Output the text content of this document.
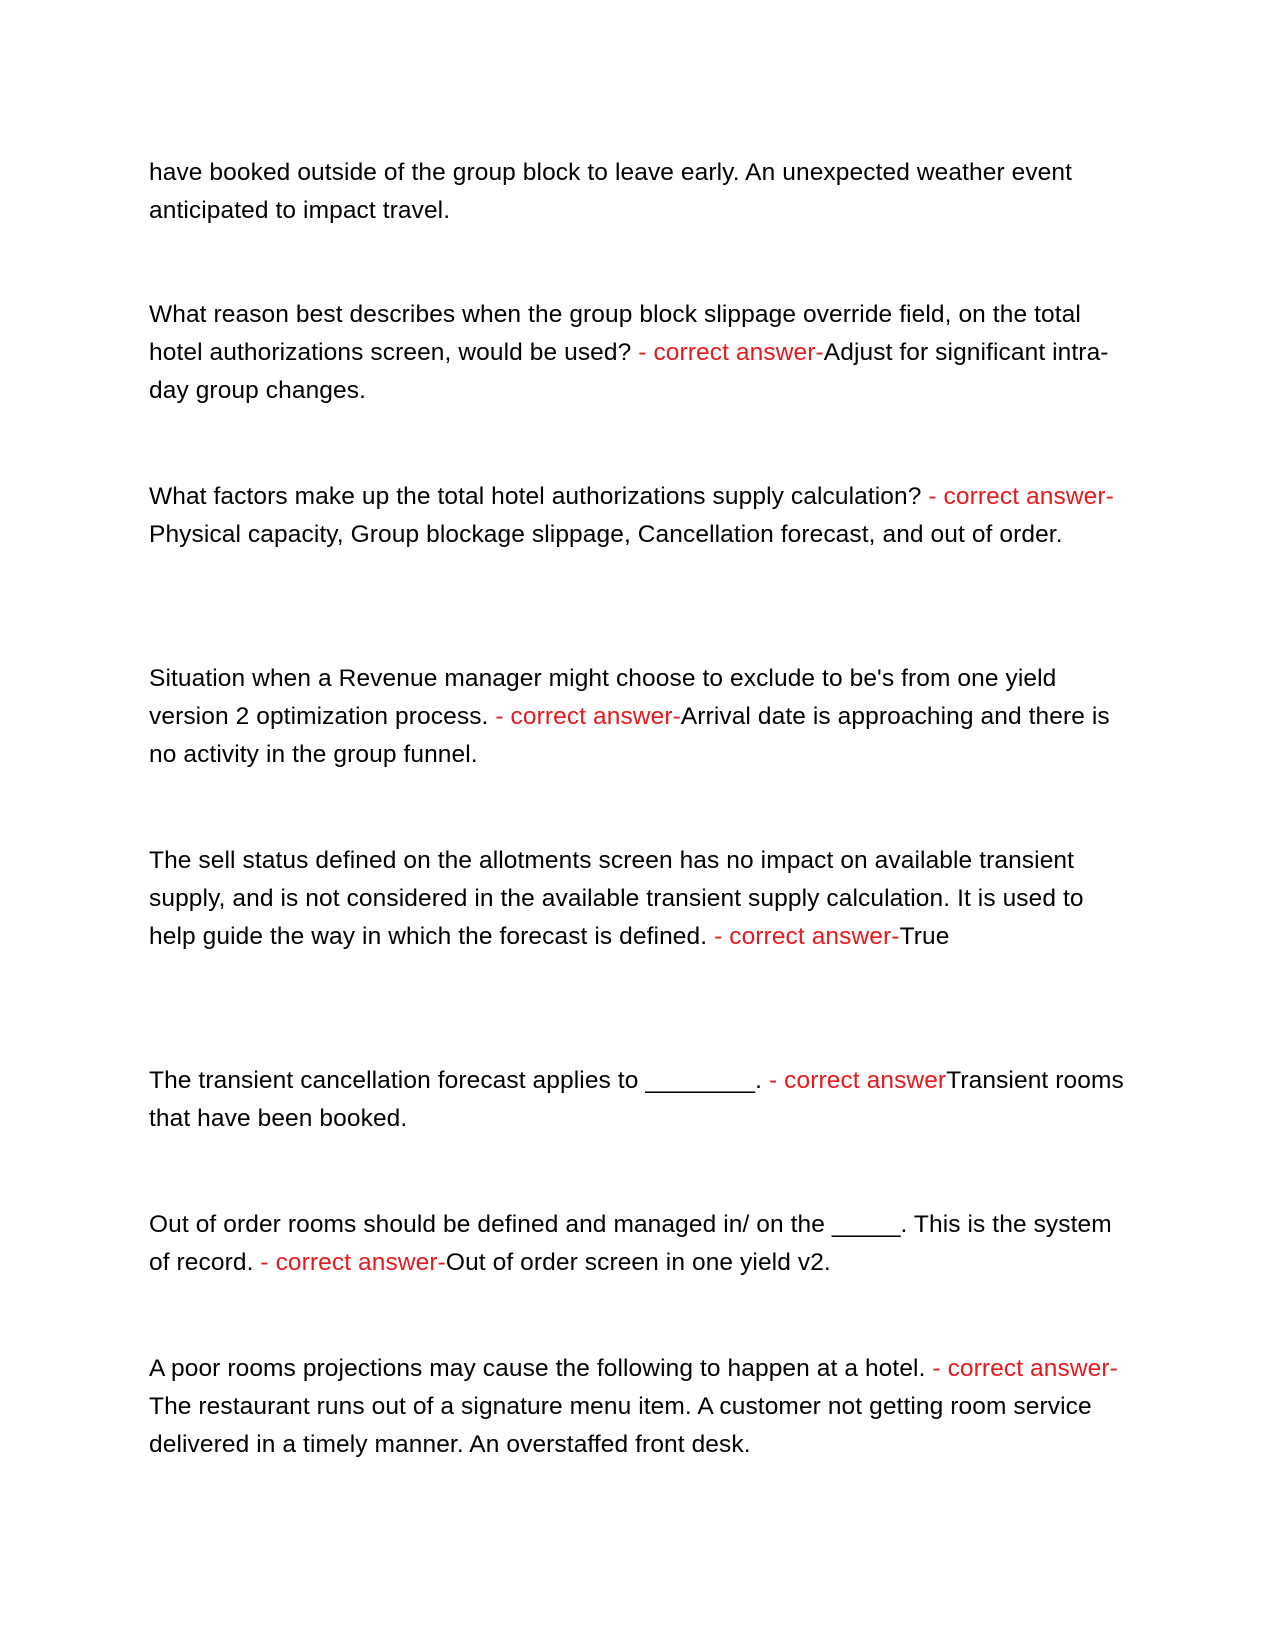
have booked outside of the group block to leave early. An unexpected weather event anticipated to impact travel.

What reason best describes when the group block slippage override field, on the total hotel authorizations screen, would be used? - correct answer-Adjust for significant intra-day group changes.

What factors make up the total hotel authorizations supply calculation? - correct answer-Physical capacity, Group blockage slippage, Cancellation forecast, and out of order.

Situation when a Revenue manager might choose to exclude to be's from one yield version 2 optimization process. - correct answer-Arrival date is approaching and there is no activity in the group funnel.

The sell status defined on the allotments screen has no impact on available transient supply, and is not considered in the available transient supply calculation. It is used to help guide the way in which the forecast is defined. - correct answer-True

The transient cancellation forecast applies to ________. - correct answerTransient rooms that have been booked.

Out of order rooms should be defined and managed in/ on the _____. This is the system of record. - correct answer-Out of order screen in one yield v2.

A poor rooms projections may cause the following to happen at a hotel. - correct answer-The restaurant runs out of a signature menu item. A customer not getting room service delivered in a timely manner. An overstaffed front desk.
